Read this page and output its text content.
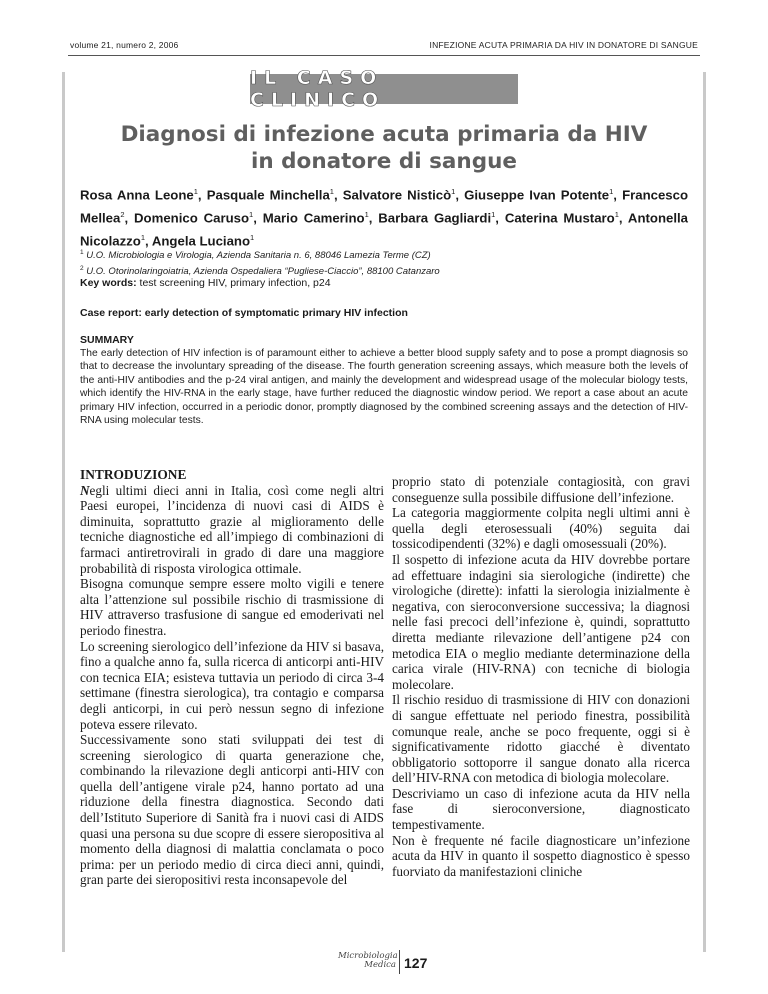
volume 21, numero 2, 2006	INFEZIONE ACUTA PRIMARIA DA HIV IN DONATORE DI SANGUE
IL CASO CLINICO
Diagnosi di infezione acuta primaria da HIV
in donatore di sangue
Rosa Anna Leone$^1$, Pasquale Minchella$^1$, Salvatore Nisticò$^1$, Giuseppe Ivan Potente$^1$, Francesco Mellea$^2$, Domenico Caruso$^1$, Mario Camerino$^1$, Barbara Gagliardi$^1$, Caterina Mustaro$^1$, Antonella Nicolazzo$^1$, Angela Luciano$^1$
$^1$ U.O. Microbiologia e Virologia, Azienda Sanitaria n. 6, 88046 Lamezia Terme (CZ)
$^2$ U.O. Otorinolaringoiatria, Azienda Ospedaliera “Pugliese-Ciaccio”, 88100 Catanzaro
Key words: test screening HIV, primary infection, p24
Case report: early detection of symptomatic primary HIV infection
SUMMARY
The early detection of HIV infection is of paramount either to achieve a better blood supply safety and to pose a prompt diagnosis so that to decrease the involuntary spreading of the disease. The fourth generation screening assays, which measure both the levels of the anti-HIV antibodies and the p-24 viral antigen, and mainly the development and widespread usage of the molecular biology tests, which identify the HIV-RNA in the early stage, have further reduced the diagnostic window period. We report a case about an acute primary HIV infection, occurred in a periodic donor, promptly diagnosed by the combined screening assays and the detection of HIV-RNA using molecular tests.

INTRODUZIONE

Negli ultimi dieci anni in Italia, così come negli altri Paesi europei, l’incidenza di nuovi casi di AIDS è diminuita, soprattutto grazie al miglioramento delle tecniche diagnostiche ed all’impiego di combinazioni di farmaci antiretrovirali in grado di dare una maggiore probabilità di risposta virologica ottimale.

Bisogna comunque sempre essere molto vigili e tenere alta l’attenzione sul possibile rischio di trasmissione di HIV attraverso trasfusione di sangue ed emoderivati nel periodo finestra.

Lo screening sierologico dell’infezione da HIV si basava, fino a qualche anno fa, sulla ricerca di anticorpi anti-HIV con tecnica EIA; esisteva tuttavia un periodo di circa 3-4 settimane (finestra sierologica), tra contagio e comparsa degli anticorpi, in cui però nessun segno di infezione poteva essere rilevato.

Successivamente sono stati sviluppati dei test di screening sierologico di quarta generazione che, combinando la rilevazione degli anticorpi anti-HIV con quella dell’antigene virale p24, hanno portato ad una riduzione della finestra diagnostica. Secondo dati dell’Istituto Superiore di Sanità fra i nuovi casi di AIDS quasi una persona su due scopre di essere sieropositiva al momento della diagnosi di malattia conclamata o poco prima: per un periodo medio di circa dieci anni, quindi, gran parte dei sieropositivi resta inconsapevole del

proprio stato di potenziale contagiosità, con gravi conseguenze sulla possibile diffusione dell’infezione.

La categoria maggiormente colpita negli ultimi anni è quella degli eterosessuali (40%) seguita dai tossicodipendenti (32%) e dagli omosessuali (20%).

Il sospetto di infezione acuta da HIV dovrebbe portare ad effettuare indagini sia sierologiche (indirette) che virologiche (dirette): infatti la sierologia inizialmente è negativa, con sieroconversione successiva; la diagnosi nelle fasi precoci dell’infezione è, quindi, soprattutto diretta mediante rilevazione dell’antigene p24 con metodica EIA o meglio mediante determinazione della carica virale (HIV-RNA) con tecniche di biologia molecolare.

Il rischio residuo di trasmissione di HIV con donazioni di sangue effettuate nel periodo finestra, possibilità comunque reale, anche se poco frequente, oggi si è significativamente ridotto giacché è diventato obbligatorio sottoporre il sangue donato alla ricerca dell’HIV-RNA con metodica di biologia molecolare.

Descriviamo un caso di infezione acuta da HIV nella fase di sieroconversione, diagnosticato tempestivamente.

Non è frequente né facile diagnosticare un’infezione acuta da HIV in quanto il sospetto diagnostico è spesso fuorviato da manifestazioni cliniche

Microbiologia
Medica 127
